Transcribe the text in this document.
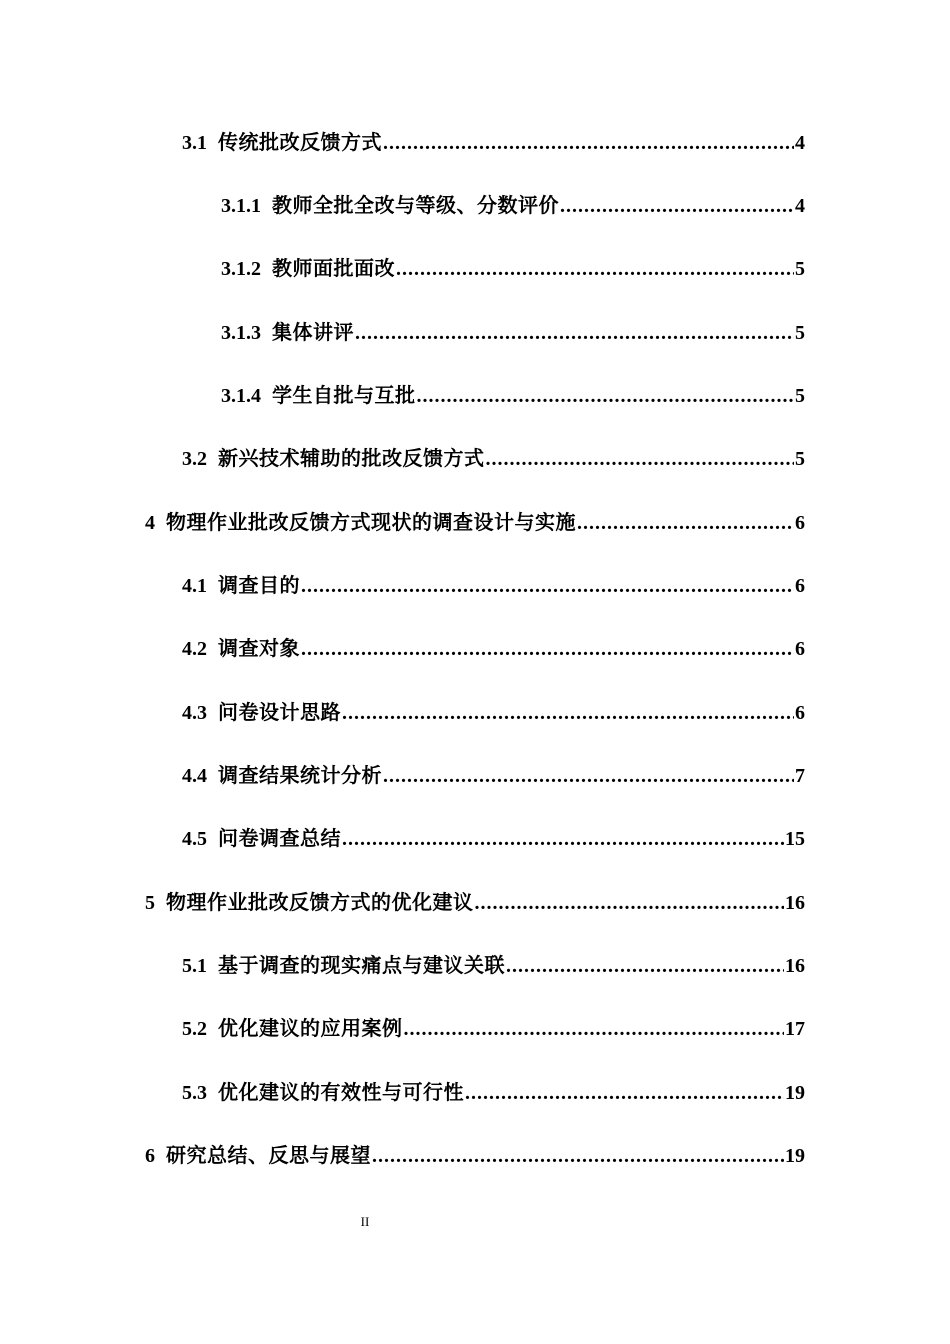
3.1 传统批改反馈方式 .....	4
3.1.1 教师全批全改与等级、分数评价 .....	4
3.1.2 教师面批面改 .....	5
3.1.3 集体讲评 .....	5
3.1.4 学生自批与互批 .....	5
3.2 新兴技术辅助的批改反馈方式 .....	5
4 物理作业批改反馈方式现状的调查设计与实施 .....	6
4.1 调查目的 .....	6
4.2 调查对象 .....	6
4.3 问卷设计思路 .....	6
4.4 调查结果统计分析 .....	7
4.5 问卷调查总结 .....	15
5 物理作业批改反馈方式的优化建议 .....	16
5.1 基于调查的现实痛点与建议关联 .....	16
5.2 优化建议的应用案例 .....	17
5.3 优化建议的有效性与可行性 .....	19
6 研究总结、反思与展望 .....	19
II
